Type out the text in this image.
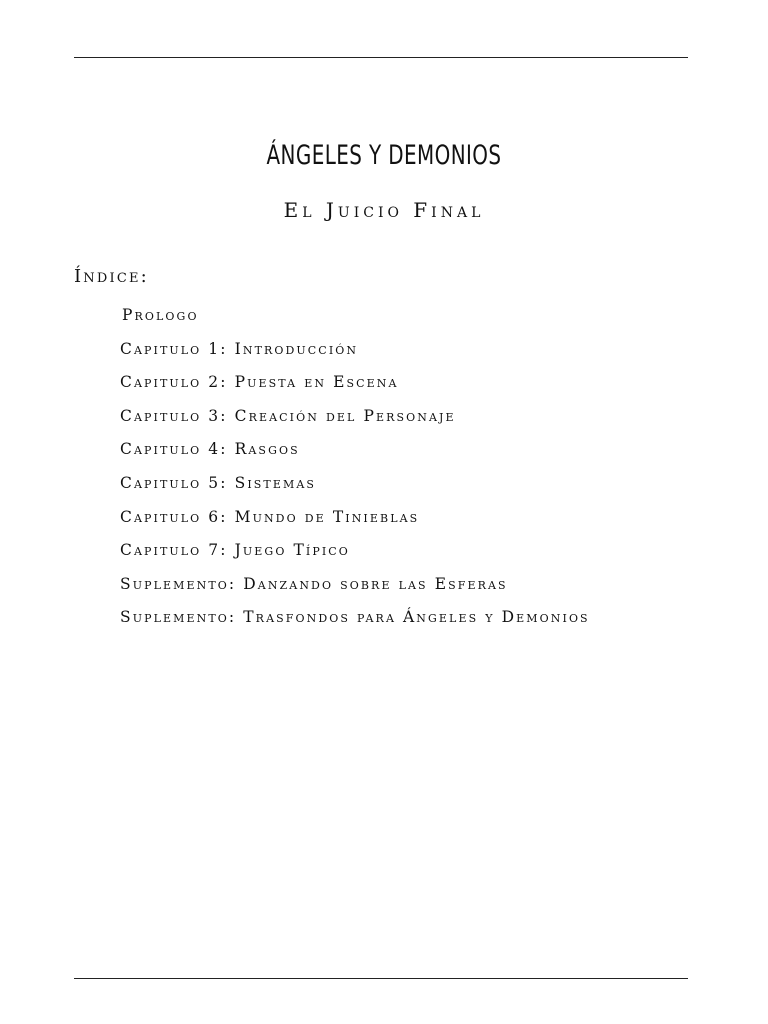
ÁNGELES Y DEMONIOS

El Juicio Final

Índice:
Prologo
Capitulo 1: Introducción
Capitulo 2: Puesta en Escena
Capitulo 3: Creación del Personaje
Capitulo 4: Rasgos
Capitulo 5: Sistemas
Capitulo 6: Mundo de Tinieblas
Capitulo 7: Juego Típico
Suplemento: Danzando sobre las Esferas
Suplemento: Trasfondos para Ángeles y Demonios
